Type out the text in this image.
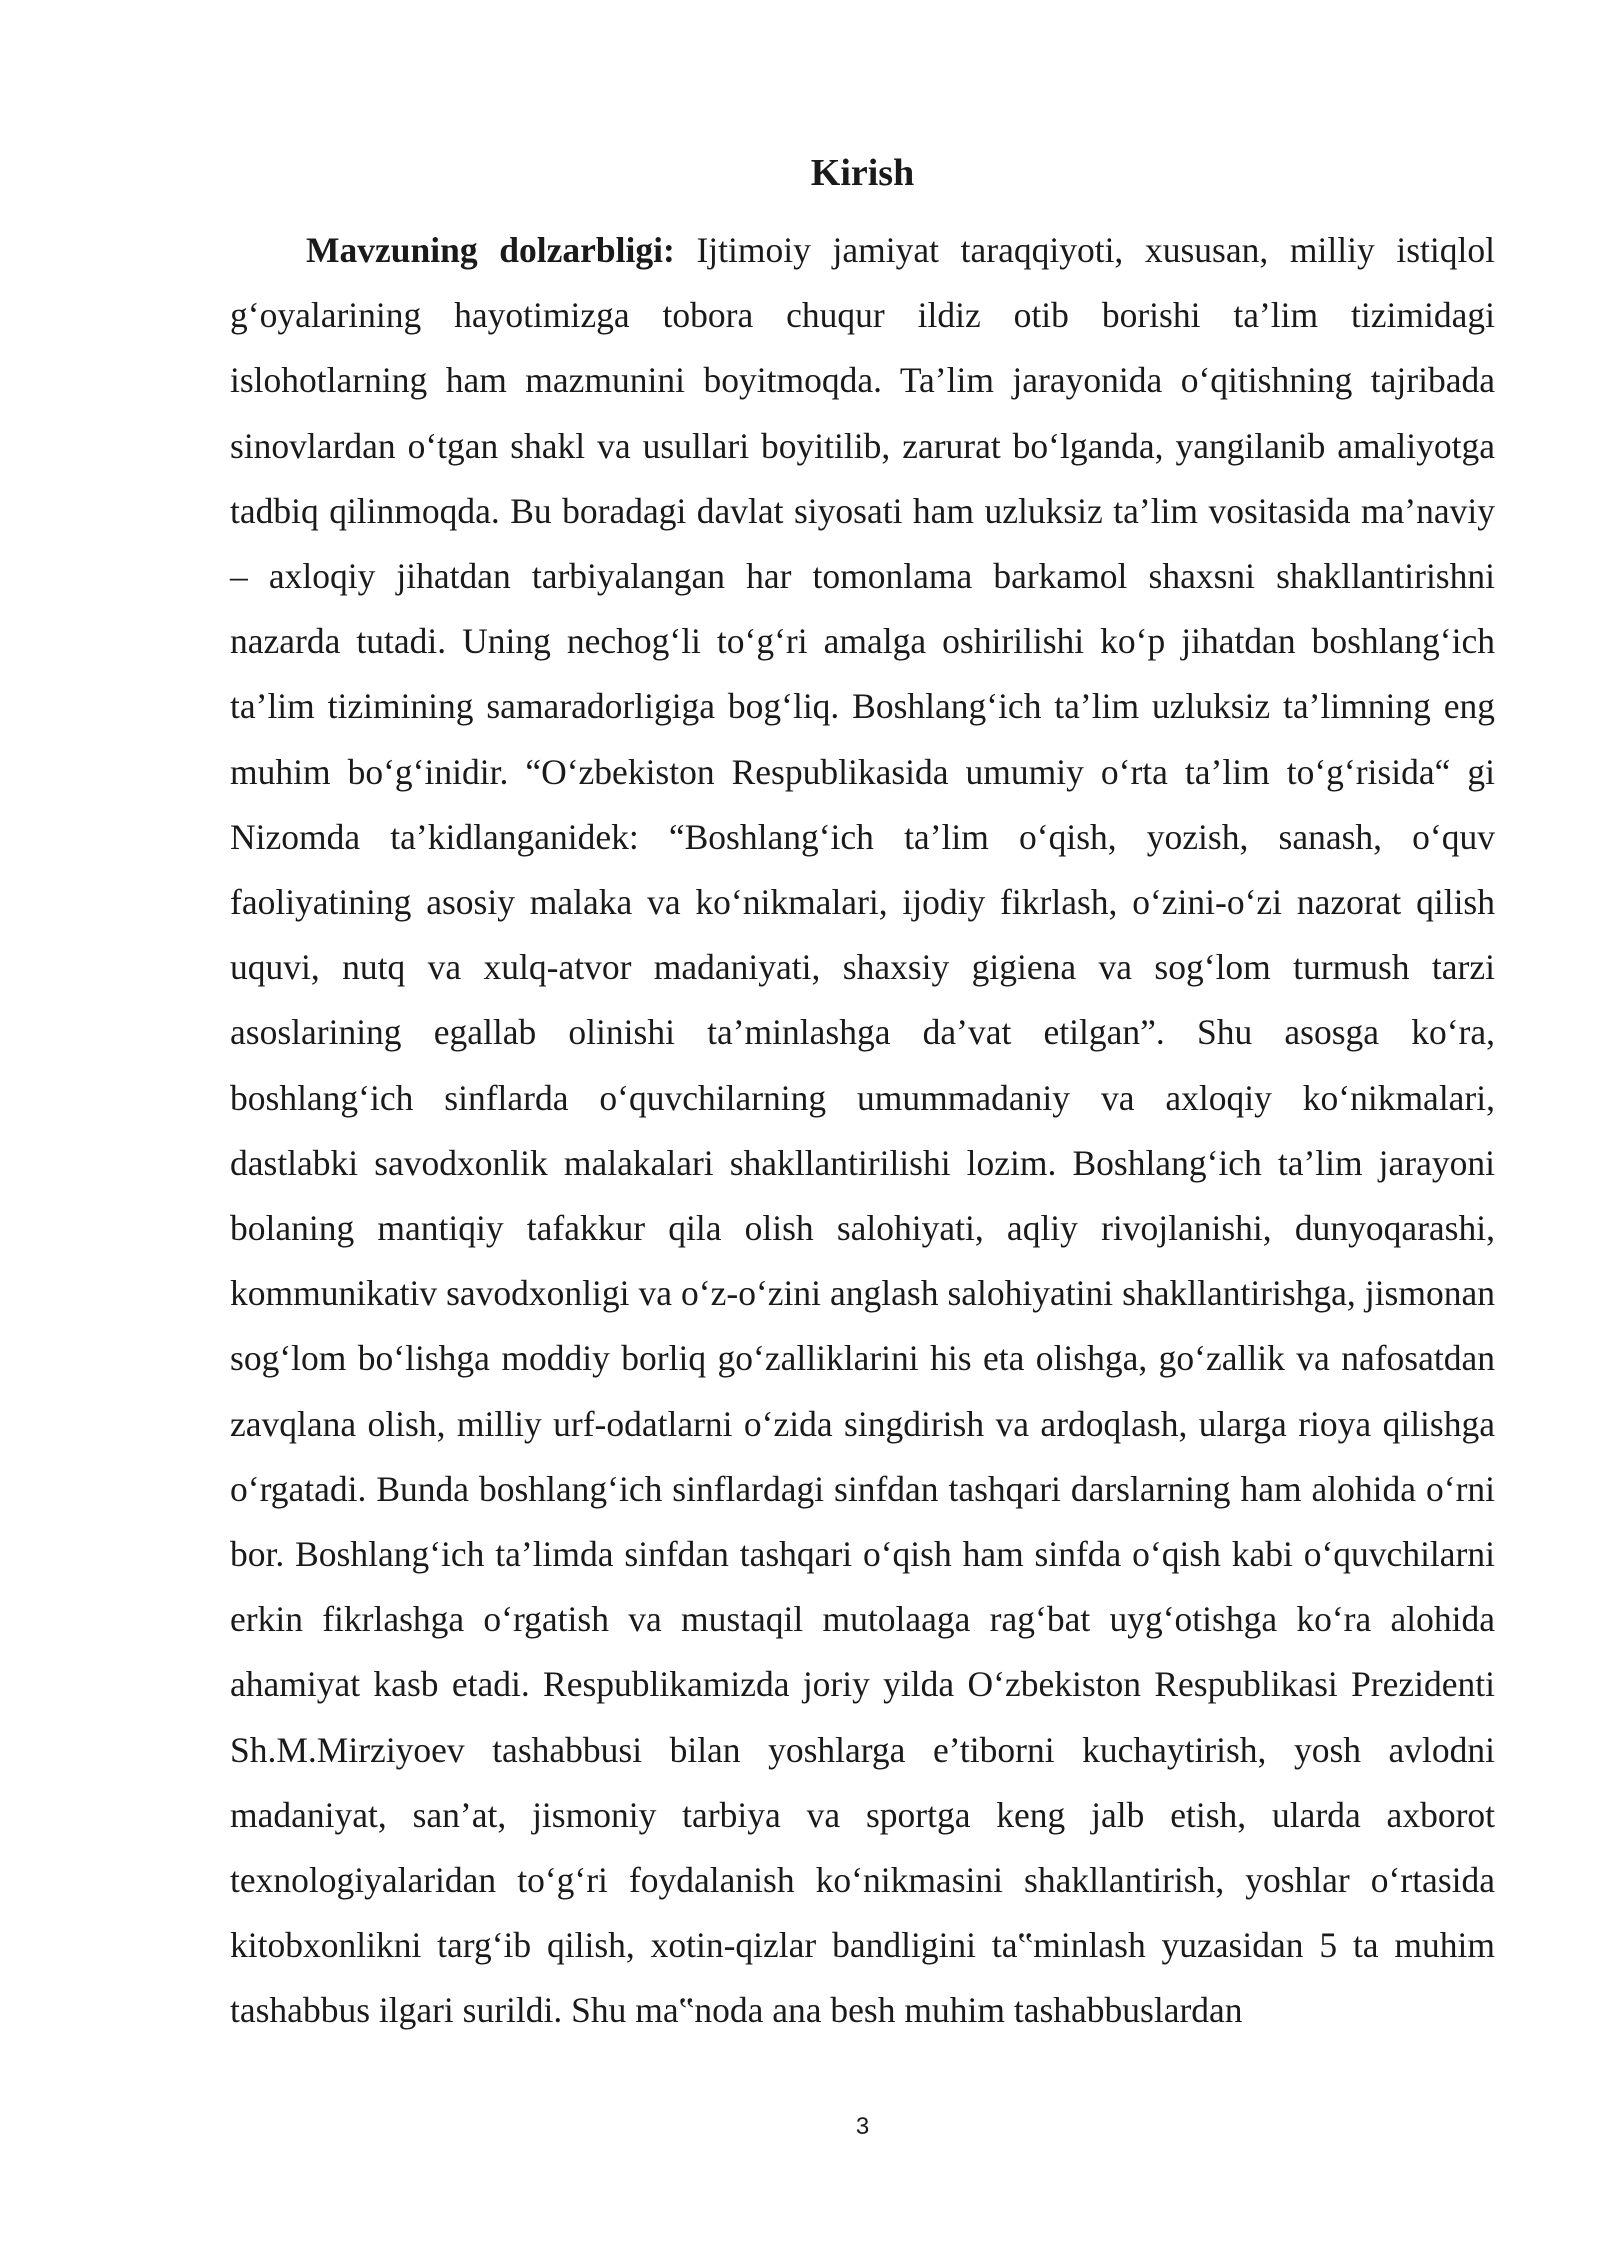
Kirish

Mavzuning dolzarbligi: Ijtimoiy jamiyat taraqqiyoti, xususan, milliy istiqlol g‘oyalarining hayotimizga tobora chuqur ildiz otib borishi ta’lim tizimidagi islohotlarning ham mazmunini boyitmoqda. Ta’lim jarayonida o‘qitishning tajribada sinovlardan o‘tgan shakl va usullari boyitilib, zarurat bo‘lganda, yangilanib amaliyotga tadbiq qilinmoqda. Bu boradagi davlat siyosati ham uzluksiz ta’lim vositasida ma’naviy – axloqiy jihatdan tarbiyalangan har tomonlama barkamol shaxsni shakllantirishni nazarda tutadi. Uning nechog‘li to‘g‘ri amalga oshirilishi ko‘p jihatdan boshlang‘ich ta’lim tizimining samaradorligiga bog‘liq. Boshlang‘ich ta’lim uzluksiz ta’limning eng muhim bo‘g‘inidir. “O‘zbekiston Respublikasida umumiy o‘rta ta’lim to‘g‘risida“ gi Nizomda ta’kidlanganidek: “Boshlang‘ich ta’lim o‘qish, yozish, sanash, o‘quv faoliyatining asosiy malaka va ko‘nikmalari, ijodiy fikrlash, o‘zini-o‘zi nazorat qilish uquvi, nutq va xulq-atvor madaniyati, shaxsiy gigiena va sog‘lom turmush tarzi asoslarining egallab olinishi ta’minlashga da’vat etilgan”. Shu asosga ko‘ra, boshlang‘ich sinflarda o‘quvchilarning umummadaniy va axloqiy ko‘nikmalari, dastlabki savodxonlik malakalari shakllantirilishi lozim. Boshlang‘ich ta’lim jarayoni bolaning mantiqiy tafakkur qila olish salohiyati, aqliy rivojlanishi, dunyoqarashi, kommunikativ savodxonligi va o‘z-o‘zini anglash salohiyatini shakllantirishga, jismonan sog‘lom bo‘lishga moddiy borliq go‘zalliklarini his eta olishga, go‘zallik va nafosatdan zavqlana olish, milliy urf-odatlarni o‘zida singdirish va ardoqlash, ularga rioya qilishga o‘rgatadi. Bunda boshlang‘ich sinflardagi sinfdan tashqari darslarning ham alohida o‘rni bor. Boshlang‘ich ta’limda sinfdan tashqari o‘qish ham sinfda o‘qish kabi o‘quvchilarni erkin fikrlashga o‘rgatish va mustaqil mutolaaga rag‘bat uyg‘otishga ko‘ra alohida ahamiyat kasb etadi. Respublikamizda joriy yilda O‘zbekiston Respublikasi Prezidenti Sh.M.Mirziyoev tashabbusi bilan yoshlarga e’tiborni kuchaytirish, yosh avlodni madaniyat, san’at, jismoniy tarbiya va sportga keng jalb etish, ularda axborot texnologiyalaridan to‘g‘ri foydalanish ko‘nikmasini shakllantirish, yoshlar o‘rtasida kitobxonlikni targ‘ib qilish, xotin-qizlar bandligini ta‟minlash yuzasidan 5 ta muhim tashabbus ilgari surildi. Shu ma‟noda ana besh muhim tashabbuslardan

3
